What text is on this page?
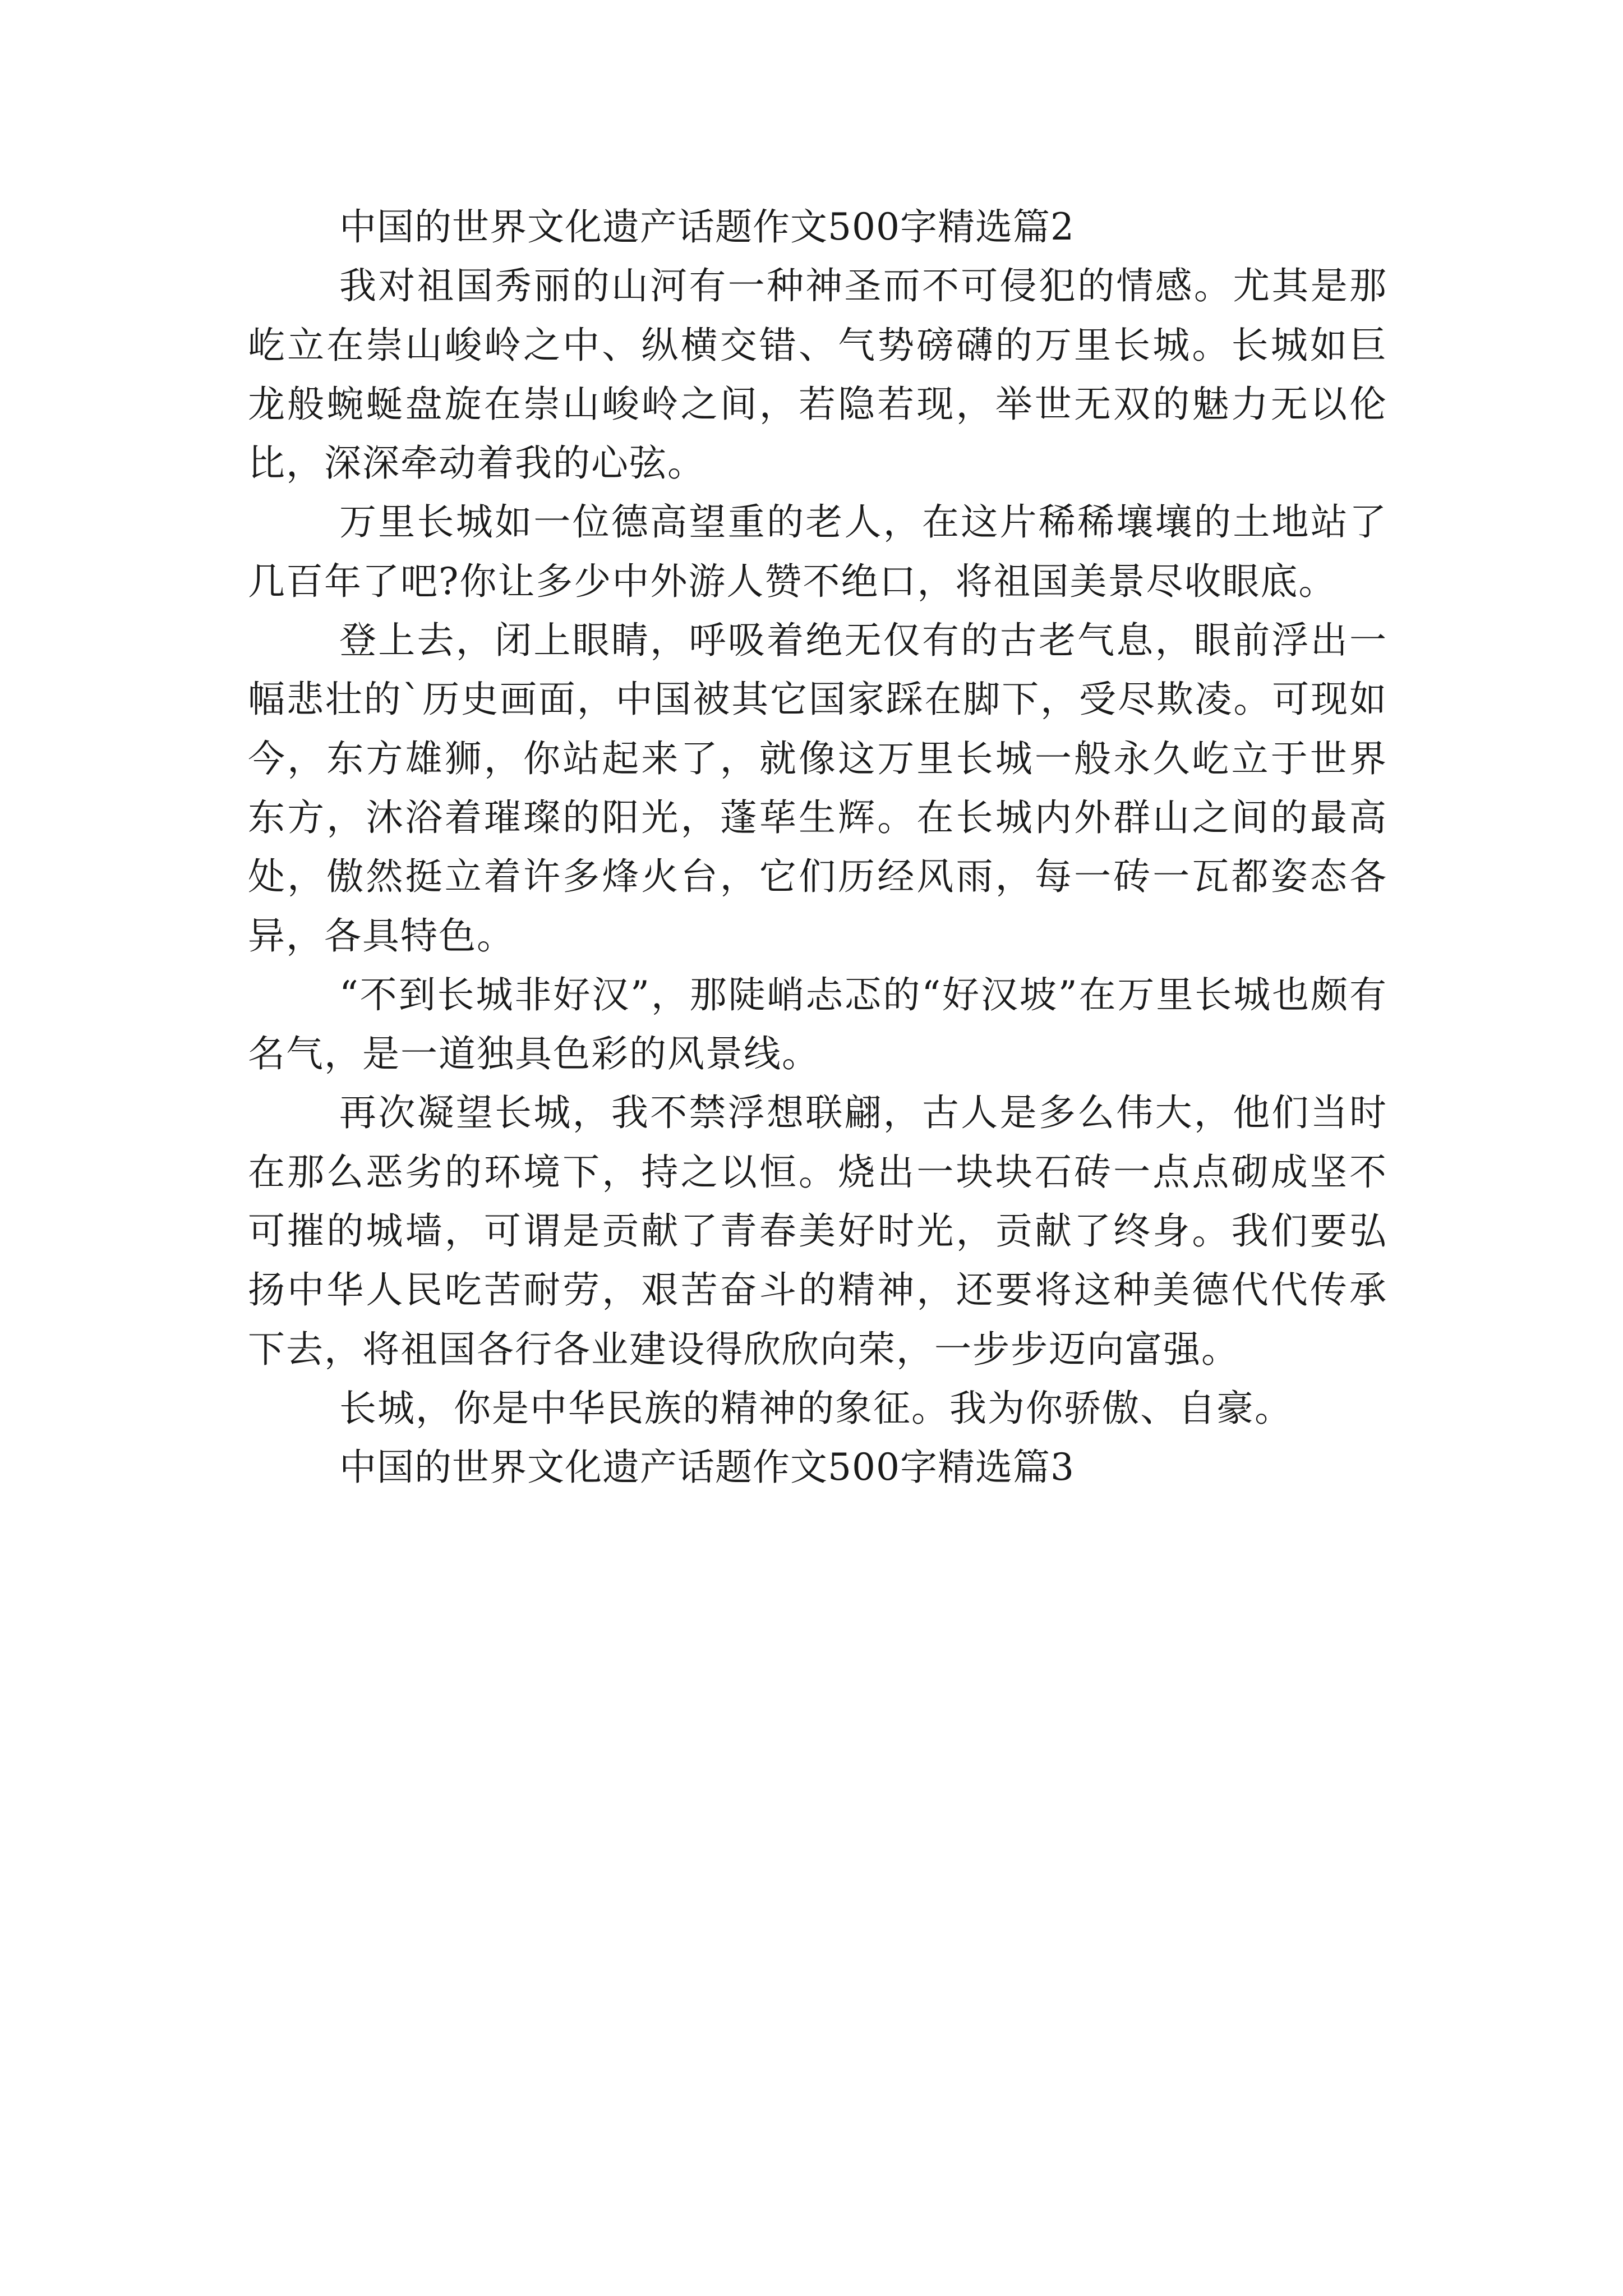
中国的世界文化遗产话题作文500字精选篇2

我对祖国秀丽的山河有一种神圣而不可侵犯的情感。尤其是那屹立在崇山峻岭之中、纵横交错、气势磅礴的万里长城。长城如巨龙般蜿蜒盘旋在崇山峻岭之间，若隐若现，举世无双的魅力无以伦比，深深牵动着我的心弦。

万里长城如一位德高望重的老人，在这片稀稀壤壤的土地站了几百年了吧?你让多少中外游人赞不绝口，将祖国美景尽收眼底。

登上去，闭上眼睛，呼吸着绝无仅有的古老气息，眼前浮出一幅悲壮的`历史画面，中国被其它国家踩在脚下，受尽欺凌。可现如今，东方雄狮，你站起来了，就像这万里长城一般永久屹立于世界东方，沐浴着璀璨的阳光，蓬荜生辉。在长城内外群山之间的最高处，傲然挺立着许多烽火台，它们历经风雨，每一砖一瓦都姿态各异，各具特色。

“不到长城非好汉”，那陡峭忐忑的“好汉坡”在万里长城也颇有名气，是一道独具色彩的风景线。

再次凝望长城，我不禁浮想联翩，古人是多么伟大，他们当时在那么恶劣的环境下，持之以恒。烧出一块块石砖一点点砌成坚不可摧的城墙，可谓是贡献了青春美好时光，贡献了终身。我们要弘扬中华人民吃苦耐劳，艰苦奋斗的精神，还要将这种美德代代传承下去，将祖国各行各业建设得欣欣向荣，一步步迈向富强。

长城，你是中华民族的精神的象征。我为你骄傲、自豪。

中国的世界文化遗产话题作文500字精选篇3
